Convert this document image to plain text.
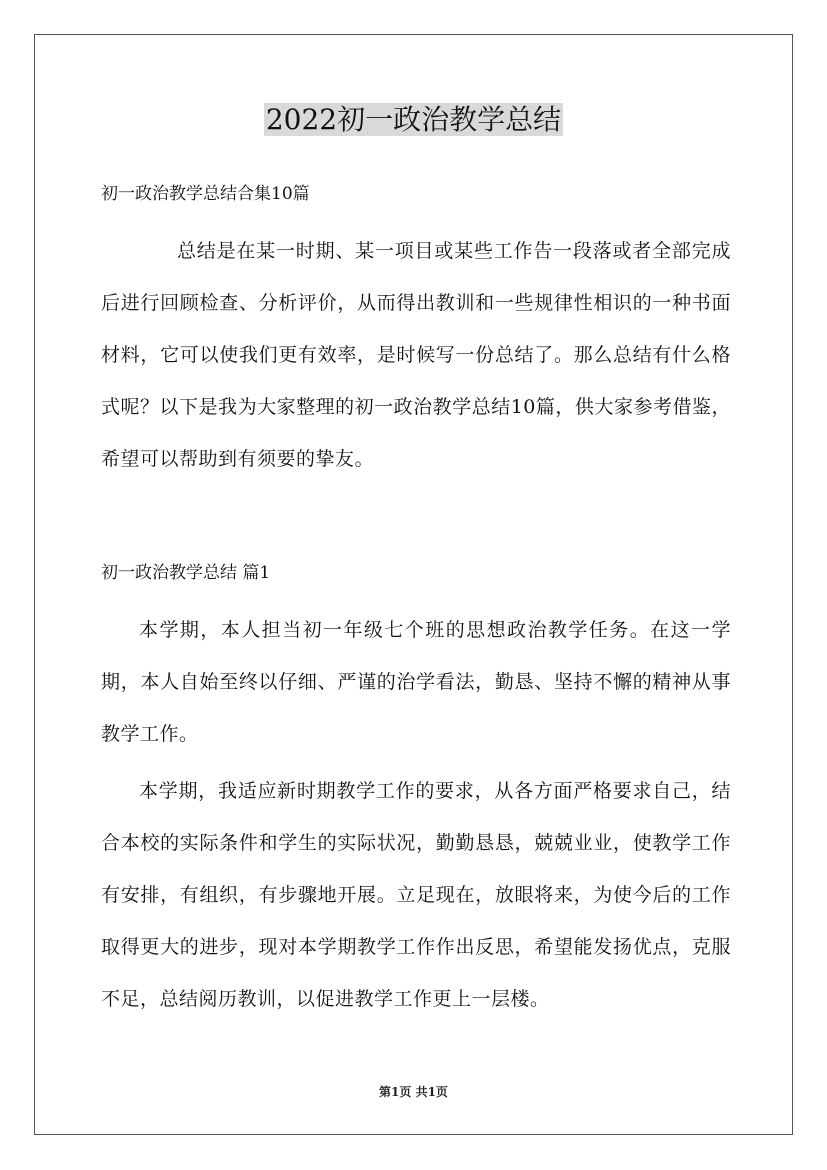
2022初一政治教学总结
初一政治教学总结合集10篇

总结是在某一时期、某一项目或某些工作告一段落或者全部完成后进行回顾检查、分析评价，从而得出教训和一些规律性相识的一种书面材料，它可以使我们更有效率，是时候写一份总结了。那么总结有什么格式呢？以下是我为大家整理的初一政治教学总结10篇，供大家参考借鉴，希望可以帮助到有须要的挚友。

初一政治教学总结 篇1

本学期，本人担当初一年级七个班的思想政治教学任务。在这一学期，本人自始至终以仔细、严谨的治学看法，勤恳、坚持不懈的精神从事教学工作。

本学期，我适应新时期教学工作的要求，从各方面严格要求自己，结合本校的实际条件和学生的实际状况，勤勤恳恳，兢兢业业，使教学工作有安排，有组织，有步骤地开展。立足现在，放眼将来，为使今后的工作取得更大的进步，现对本学期教学工作作出反思，希望能发扬优点，克服不足，总结阅历教训，以促进教学工作更上一层楼。

第1页 共1页
